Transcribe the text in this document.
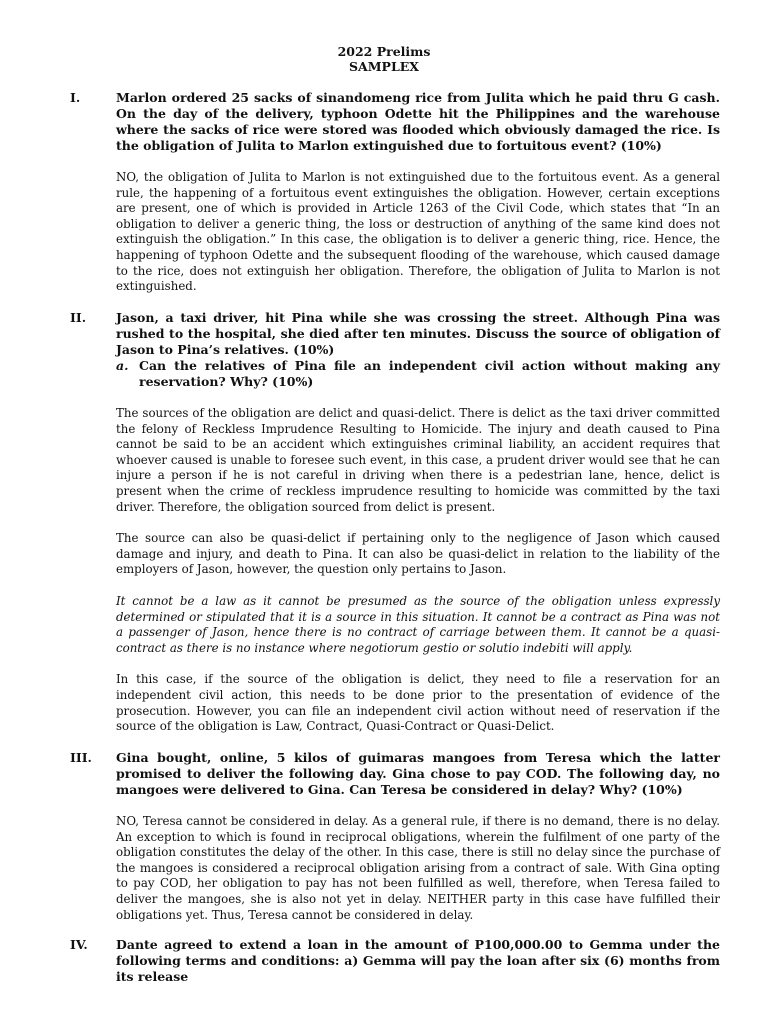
2022 Prelims
SAMPLEX
I.	Marlon ordered 25 sacks of sinandomeng rice from Julita which he paid thru G cash. On the day of the delivery, typhoon Odette hit the Philippines and the warehouse where the sacks of rice were stored was flooded which obviously damaged the rice. Is the obligation of Julita to Marlon extinguished due to fortuitous event? (10%)
NO, the obligation of Julita to Marlon is not extinguished due to the fortuitous event. As a general rule, the happening of a fortuitous event extinguishes the obligation. However, certain exceptions are present, one of which is provided in Article 1263 of the Civil Code, which states that “In an obligation to deliver a generic thing, the loss or destruction of anything of the same kind does not extinguish the obligation.” In this case, the obligation is to deliver a generic thing, rice. Hence, the happening of typhoon Odette and the subsequent flooding of the warehouse, which caused damage to the rice, does not extinguish her obligation. Therefore, the obligation of Julita to Marlon is not extinguished.
II. Jason, a taxi driver, hit Pina while she was crossing the street. Although Pina was rushed to the hospital, she died after ten minutes. Discuss the source of obligation of Jason to Pina’s relatives. (10%)
a. Can the relatives of Pina file an independent civil action without making any reservation? Why? (10%)
The sources of the obligation are delict and quasi-delict. There is delict as the taxi driver committed the felony of Reckless Imprudence Resulting to Homicide. The injury and death caused to Pina cannot be said to be an accident which extinguishes criminal liability, an accident requires that whoever caused is unable to foresee such event, in this case, a prudent driver would see that he can injure a person if he is not careful in driving when there is a pedestrian lane, hence, delict is present when the crime of reckless imprudence resulting to homicide was committed by the taxi driver. Therefore, the obligation sourced from delict is present.
The source can also be quasi-delict if pertaining only to the negligence of Jason which caused damage and injury, and death to Pina. It can also be quasi-delict in relation to the liability of the employers of Jason, however, the question only pertains to Jason.
It cannot be a law as it cannot be presumed as the source of the obligation unless expressly determined or stipulated that it is a source in this situation. It cannot be a contract as Pina was not a passenger of Jason, hence there is no contract of carriage between them. It cannot be a quasi-contract as there is no instance where negotiorum gestio or solutio indebiti will apply.
In this case, if the source of the obligation is delict, they need to file a reservation for an independent civil action, this needs to be done prior to the presentation of evidence of the prosecution. However, you can file an independent civil action without need of reservation if the source of the obligation is Law, Contract, Quasi-Contract or Quasi-Delict.
III. Gina bought, online, 5 kilos of guimaras mangoes from Teresa which the latter promised to deliver the following day. Gina chose to pay COD. The following day, no mangoes were delivered to Gina. Can Teresa be considered in delay? Why? (10%)
NO, Teresa cannot be considered in delay. As a general rule, if there is no demand, there is no delay. An exception to which is found in reciprocal obligations, wherein the fulfilment of one party of the obligation constitutes the delay of the other. In this case, there is still no delay since the purchase of the mangoes is considered a reciprocal obligation arising from a contract of sale. With Gina opting to pay COD, her obligation to pay has not been fulfilled as well, therefore, when Teresa failed to deliver the mangoes, she is also not yet in delay. NEITHER party in this case have fulfilled their obligations yet. Thus, Teresa cannot be considered in delay.
IV. Dante agreed to extend a loan in the amount of P100,000.00 to Gemma under the following terms and conditions: a) Gemma will pay the loan after six (6) months from its release
